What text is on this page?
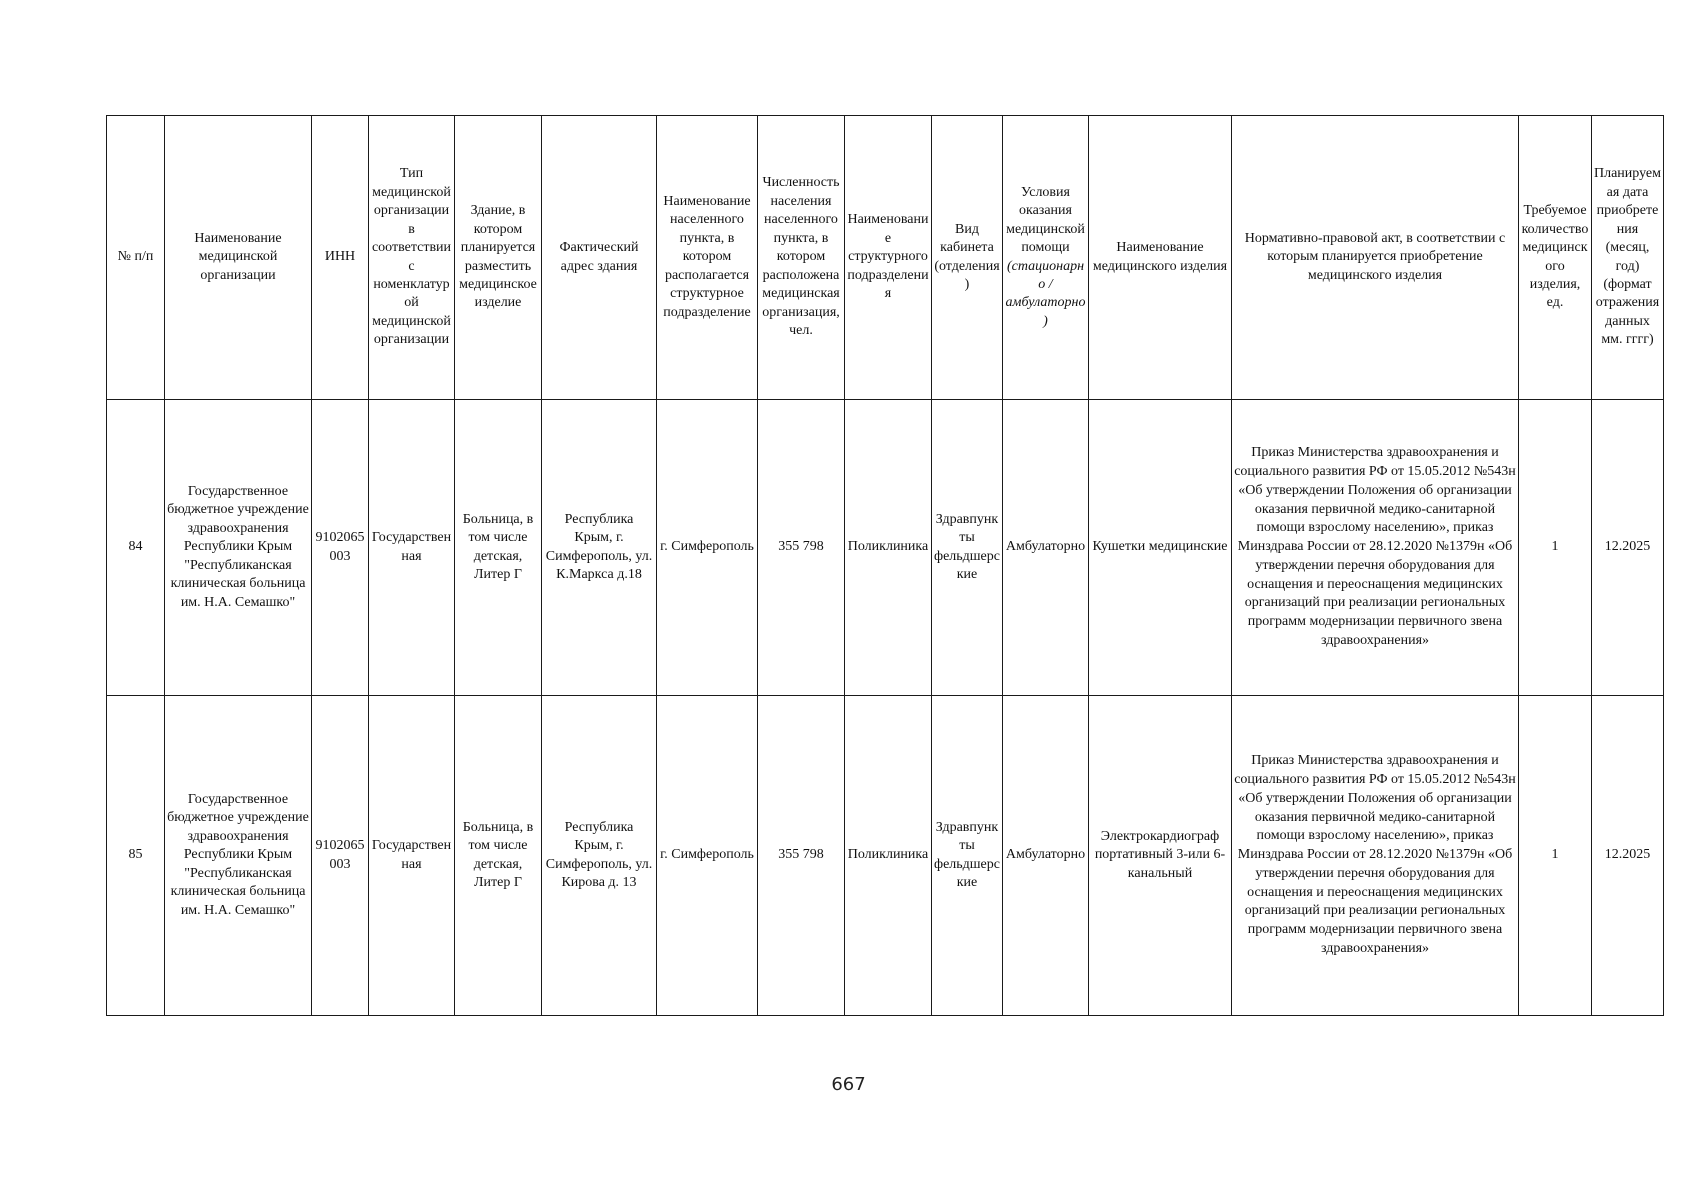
№ п/п	Наименование медицинской организации	ИНН	Тип медицинской организации в соответствии с номенклатурой медицинской организации	Здание, в котором планируется разместить медицинское изделие	Фактический адрес здания	Наименование населенного пункта, в котором располагается структурное подразделение	Численность населения населенного пункта, в котором расположена медицинская организация, чел.	Наименование структурного подразделения	Вид кабинета (отделения)	Условия оказания медицинской помощи (стационарно / амбулаторно)	Наименование медицинского изделия	Нормативно-правовой акт, в соответствии с которым планируется приобретение медицинского изделия	Требуемое количество медицинского изделия, ед.	Планируемая дата приобретения (месяц, год) (формат отражения данных мм. гггг)
84	Государственное бюджетное учреждение здравоохранения Республики Крым "Республиканская клиническая больница им. Н.А. Семашко"	9102065003	Государственная	Больница, в том числе детская, Литер Г	Республика Крым, г. Симферополь, ул. К.Маркса д.18	г. Симферополь	355 798	Поликлиника	Здравпункты фельдшерские	Амбулаторно	Кушетки медицинские	Приказ Министерства здравоохранения и социального развития РФ от 15.05.2012 №543н «Об утверждении Положения об организации оказания первичной медико-санитарной помощи взрослому населению», приказ Минздрава России от 28.12.2020 №1379н «Об утверждении перечня оборудования для оснащения и переоснащения медицинских организаций при реализации региональных программ модернизации первичного звена здравоохранения»	1	12.2025
85	Государственное бюджетное учреждение здравоохранения Республики Крым "Республиканская клиническая больница им. Н.А. Семашко"	9102065003	Государственная	Больница, в том числе детская, Литер Г	Республика Крым, г. Симферополь, ул. Кирова д. 13	г. Симферополь	355 798	Поликлиника	Здравпункты фельдшерские	Амбулаторно	Электрокардиограф портативный 3-или 6-канальный	Приказ Министерства здравоохранения и социального развития РФ от 15.05.2012 №543н «Об утверждении Положения об организации оказания первичной медико-санитарной помощи взрослому населению», приказ Минздрава России от 28.12.2020 №1379н «Об утверждении перечня оборудования для оснащения и переоснащения медицинских организаций при реализации региональных программ модернизации первичного звена здравоохранения»	1	12.2025
667
